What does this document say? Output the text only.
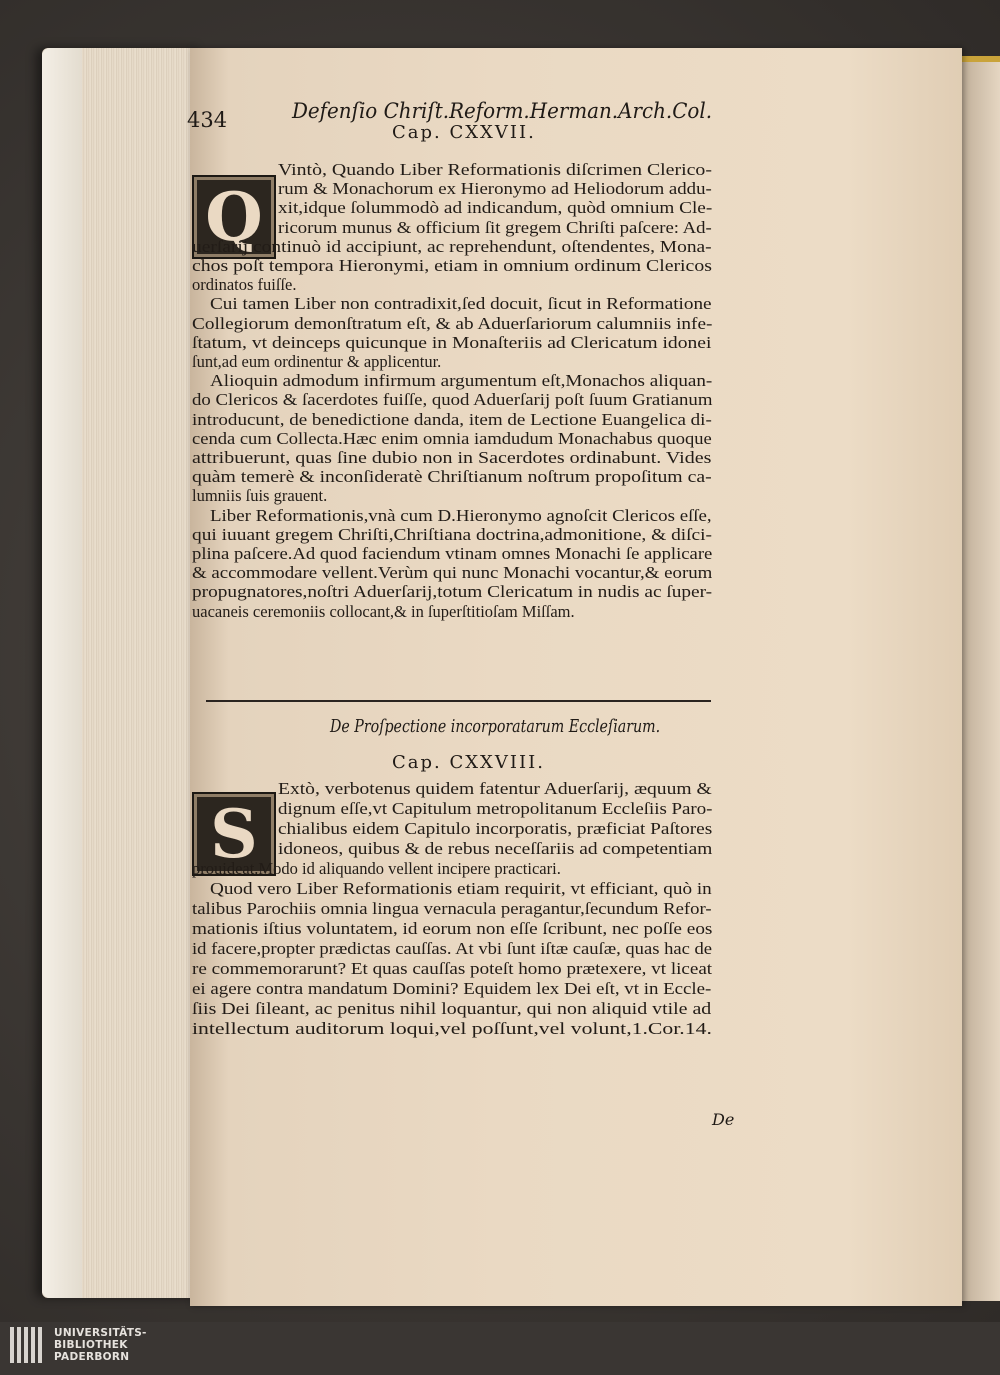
434	Defenſio Chriſt.Reform.Herman.Arch.Col.
Cap. CXXVII.
Q
Vintò, Quando Liber Reformationis diſcrimen Clerico-
rum & Monachorum ex Hieronymo ad Heliodorum addu-
xit,idque ſolummodò ad indicandum, quòd omnium Cle-
ricorum munus & officium ſit gregem Chriſti paſcere: Ad-
uerſarij continuò id accipiunt, ac reprehendunt, oſtendentes, Mona-
chos poſt tempora Hieronymi, etiam in omnium ordinum Clericos
ordinatos fuiſſe.
Cui tamen Liber non contradixit,ſed docuit, ſicut in Reformatione
Collegiorum demonſtratum eſt, & ab Aduerſariorum calumniis infe-
ſtatum, vt deinceps quicunque in Monaſteriis ad Clericatum idonei
ſunt,ad eum ordinentur & applicentur.
Alioquin admodum infirmum argumentum eſt,Monachos aliquan-
do Clericos & ſacerdotes fuiſſe, quod Aduerſarij poſt ſuum Gratianum
introducunt, de benedictione danda, item de Lectione Euangelica di-
cenda cum Collecta.Hæc enim omnia iamdudum Monachabus quoque
attribuerunt, quas ſine dubio non in Sacerdotes ordinabunt. Vides
quàm temerè & inconſideratè Chriſtianum noſtrum propoſitum ca-
lumniis ſuis grauent.
Liber Reformationis,vnà cum D.Hieronymo agnoſcit Clericos eſſe,
qui iuuant gregem Chriſti,Chriſtiana doctrina,admonitione, & diſci-
plina paſcere.Ad quod faciendum vtinam omnes Monachi ſe applicare
& accommodare vellent.Verùm qui nunc Monachi vocantur,& eorum
propugnatores,noſtri Aduerſarij,totum Clericatum in nudis ac ſuper-
uacaneis ceremoniis collocant,& in ſuperſtitioſam Miſſam.
De Proſpectione incorporatarum Eccleſiarum.
Cap. CXXVIII.
S
Extò, verbotenus quidem fatentur Aduerſarij, æquum &
dignum eſſe,vt Capitulum metropolitanum Eccleſiis Paro-
chialibus eidem Capitulo incorporatis, præficiat Paſtores
idoneos, quibus & de rebus neceſſariis ad competentiam
prouideat.Modo id aliquando vellent incipere practicari.
Quod vero Liber Reformationis etiam requirit, vt efficiant, quò in
talibus Parochiis omnia lingua vernacula peragantur,ſecundum Refor-
mationis iſtius voluntatem, id eorum non eſſe ſcribunt, nec poſſe eos
id facere,propter prædictas cauſſas. At vbi ſunt iſtæ cauſæ, quas hac de
re commemorarunt? Et quas cauſſas poteſt homo prætexere, vt liceat
ei agere contra mandatum Domini? Equidem lex Dei eſt, vt in Eccle-
ſiis Dei ſileant, ac penitus nihil loquantur, qui non aliquid vtile ad
intellectum auditorum loqui,vel poſſunt,vel volunt,1.Cor.14.
De
UNIVERSITÄTS-
BIBLIOTHEK
PADERBORN
